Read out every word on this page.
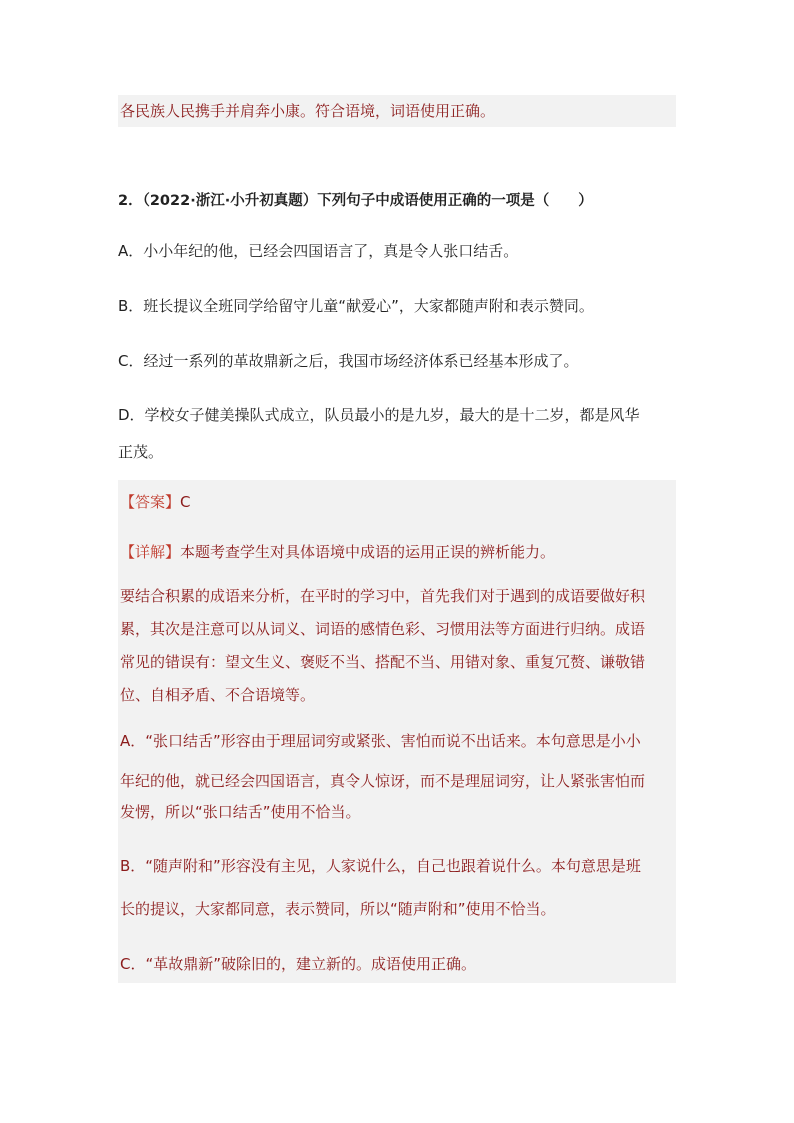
各民族人民携手并肩奔小康。符合语境，词语使用正确。
2．（2022·浙江·小升初真题）下列句子中成语使用正确的一项是（　　）
A．小小年纪的他，已经会四国语言了，真是令人张口结舌。
B．班长提议全班同学给留守儿童“献爱心”，大家都随声附和表示赞同。
C．经过一系列的革故鼎新之后，我国市场经济体系已经基本形成了。
D．学校女子健美操队式成立，队员最小的是九岁，最大的是十二岁，都是风华
正茂。
【答案】C
【详解】本题考查学生对具体语境中成语的运用正误的辨析能力。
要结合积累的成语来分析，在平时的学习中，首先我们对于遇到的成语要做好积
累，其次是注意可以从词义、词语的感情色彩、习惯用法等方面进行归纳。成语
常见的错误有：望文生义、褒贬不当、搭配不当、用错对象、重复冗赘、谦敬错
位、自相矛盾、不合语境等。
A．“张口结舌”形容由于理屈词穷或紧张、害怕而说不出话来。本句意思是小小
年纪的他，就已经会四国语言，真令人惊讶，而不是理屈词穷，让人紧张害怕而
发愣，所以“张口结舌”使用不恰当。
B．“随声附和”形容没有主见，人家说什么，自己也跟着说什么。本句意思是班
长的提议，大家都同意，表示赞同，所以“随声附和”使用不恰当。
C．“革故鼎新”破除旧的，建立新的。成语使用正确。
